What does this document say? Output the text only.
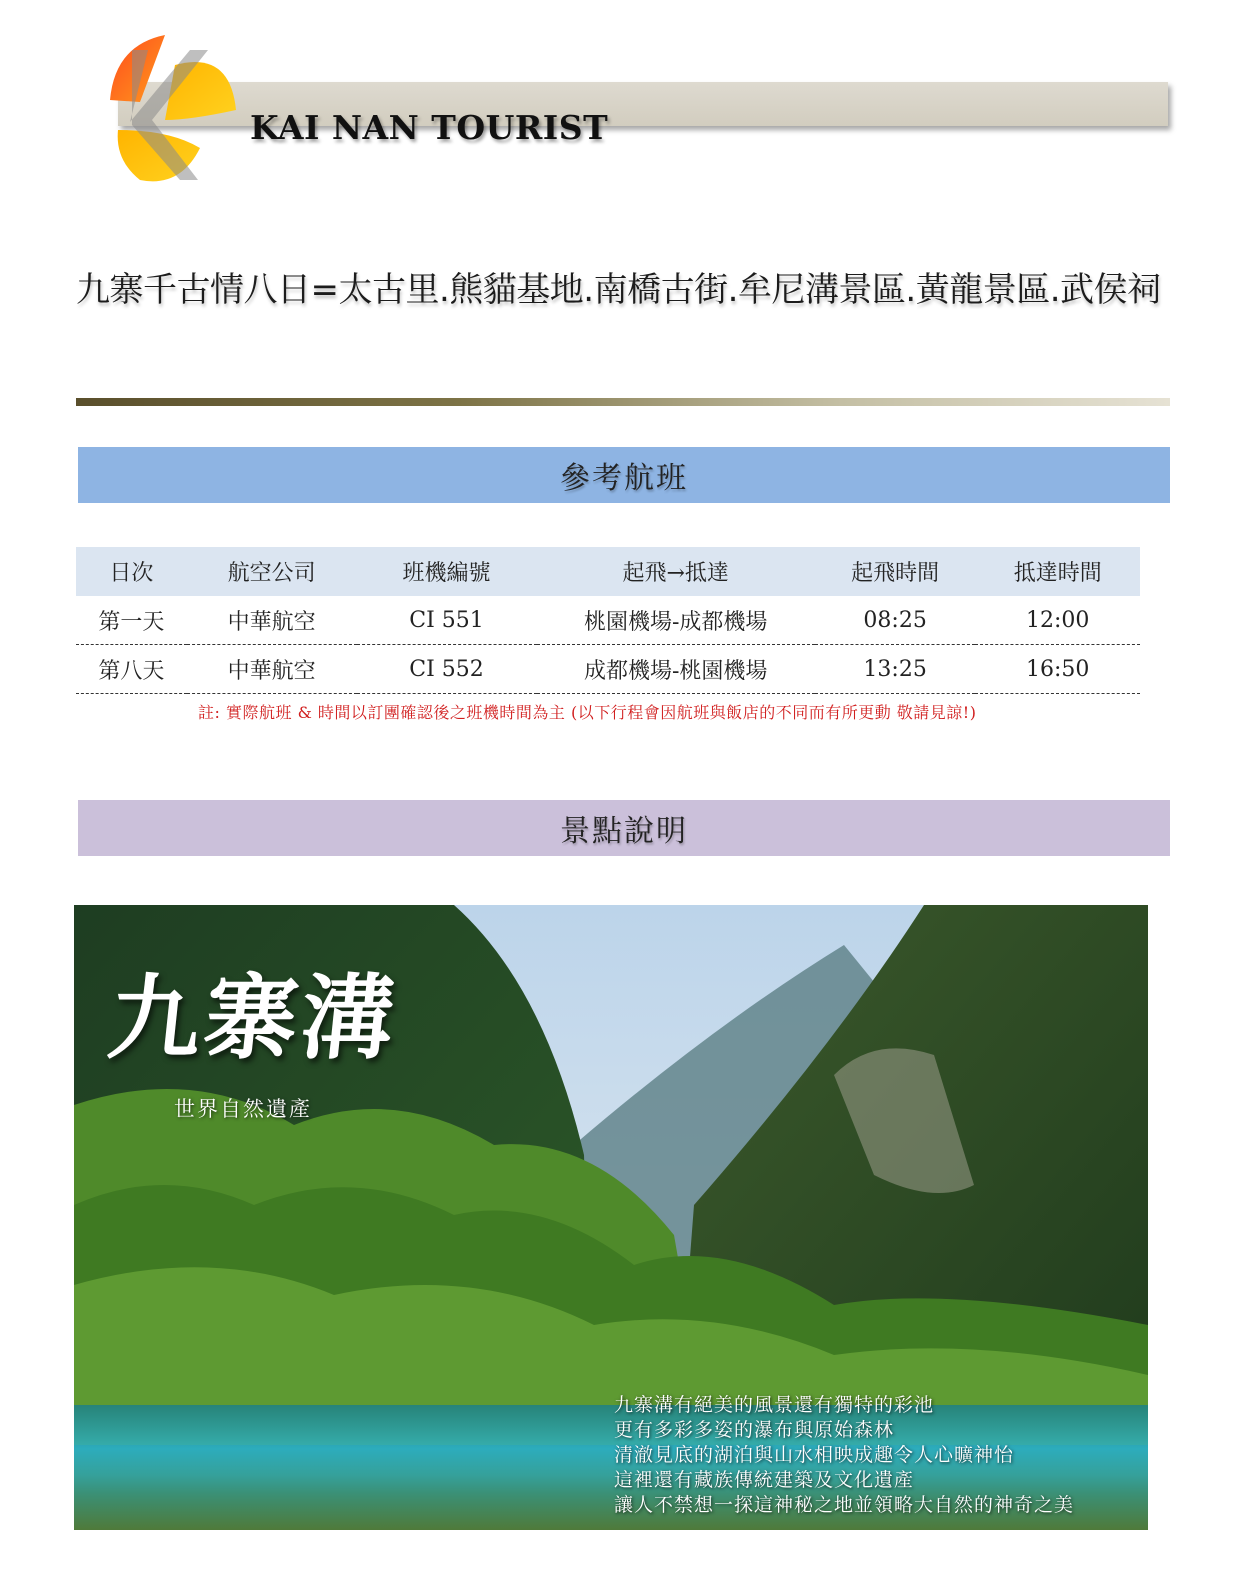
KAI NAN TOURIST
九寨千古情八日=太古里.熊貓基地.南橋古街.牟尼溝景區.黃龍景區.武侯祠
參考航班
日次	航空公司	班機編號	起飛→抵達	起飛時間	抵達時間
第一天	中華航空	CI 551	桃園機場-成都機場	08:25	12:00
第八天	中華航空	CI 552	成都機場-桃園機場	13:25	16:50
註: 實際航班 & 時間以訂團確認後之班機時間為主 (以下行程會因航班與飯店的不同而有所更動 敬請見諒!)
景點說明
九寨溝
世界自然遺產
九寨溝有絕美的風景還有獨特的彩池
更有多彩多姿的瀑布與原始森林
清澈見底的湖泊與山水相映成趣令人心曠神怡
這裡還有藏族傳統建築及文化遺產
讓人不禁想一探這神秘之地並領略大自然的神奇之美
